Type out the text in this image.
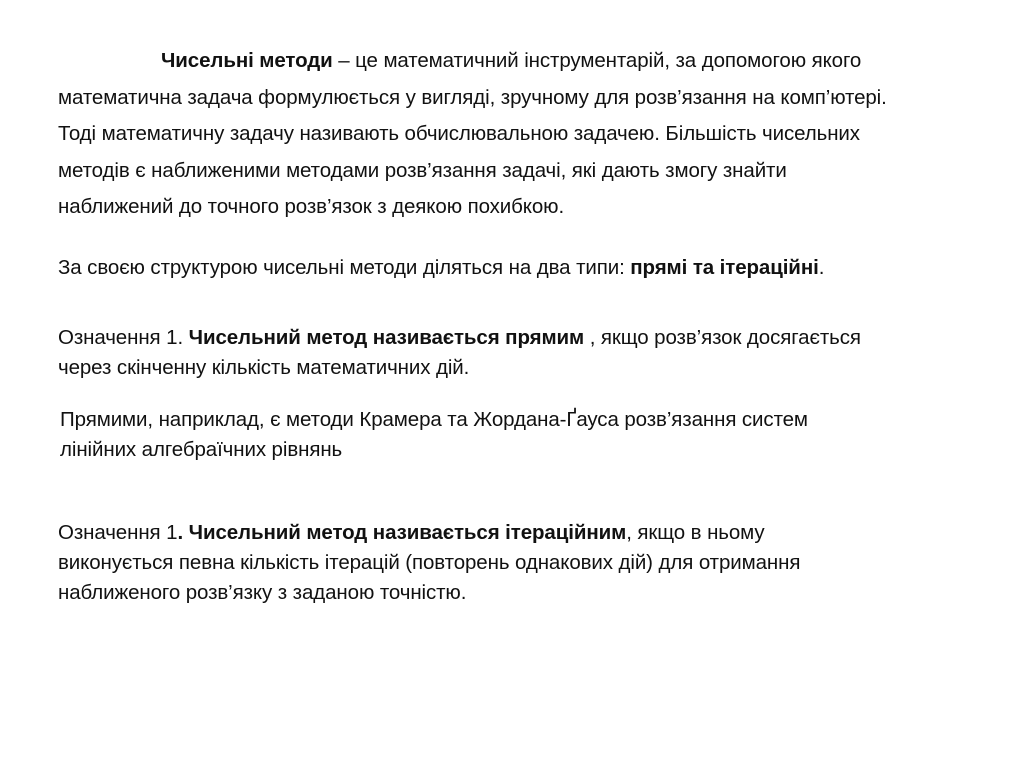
Чисельні методи – це математичний інструментарій, за допомогою якого
математична задача формулюється у вигляді, зручному для розв’язання на комп’ютері.
Тоді математичну задачу називають обчислювальною задачею. Більшість чисельних
методів є наближеними методами розв’язання задачі, які дають змогу знайти
наближений до точного розв’язок з деякою похибкою.
За своєю структурою чисельні методи діляться на два типи: прямі та ітераційні.
Означення 1. Чисельний метод називається прямим , якщо розв’язок досягається
через скінченну кількість математичних дій.
Прямими, наприклад, є методи Крамера та Жордана-Ґауса розв’язання систем
лінійних алгебраїчних рівнянь
Означення 1. Чисельний метод називається ітераційним, якщо в ньому
виконується певна кількість ітерацій (повторень однакових дій) для отримання
наближеного розв’язку з заданою точністю.
